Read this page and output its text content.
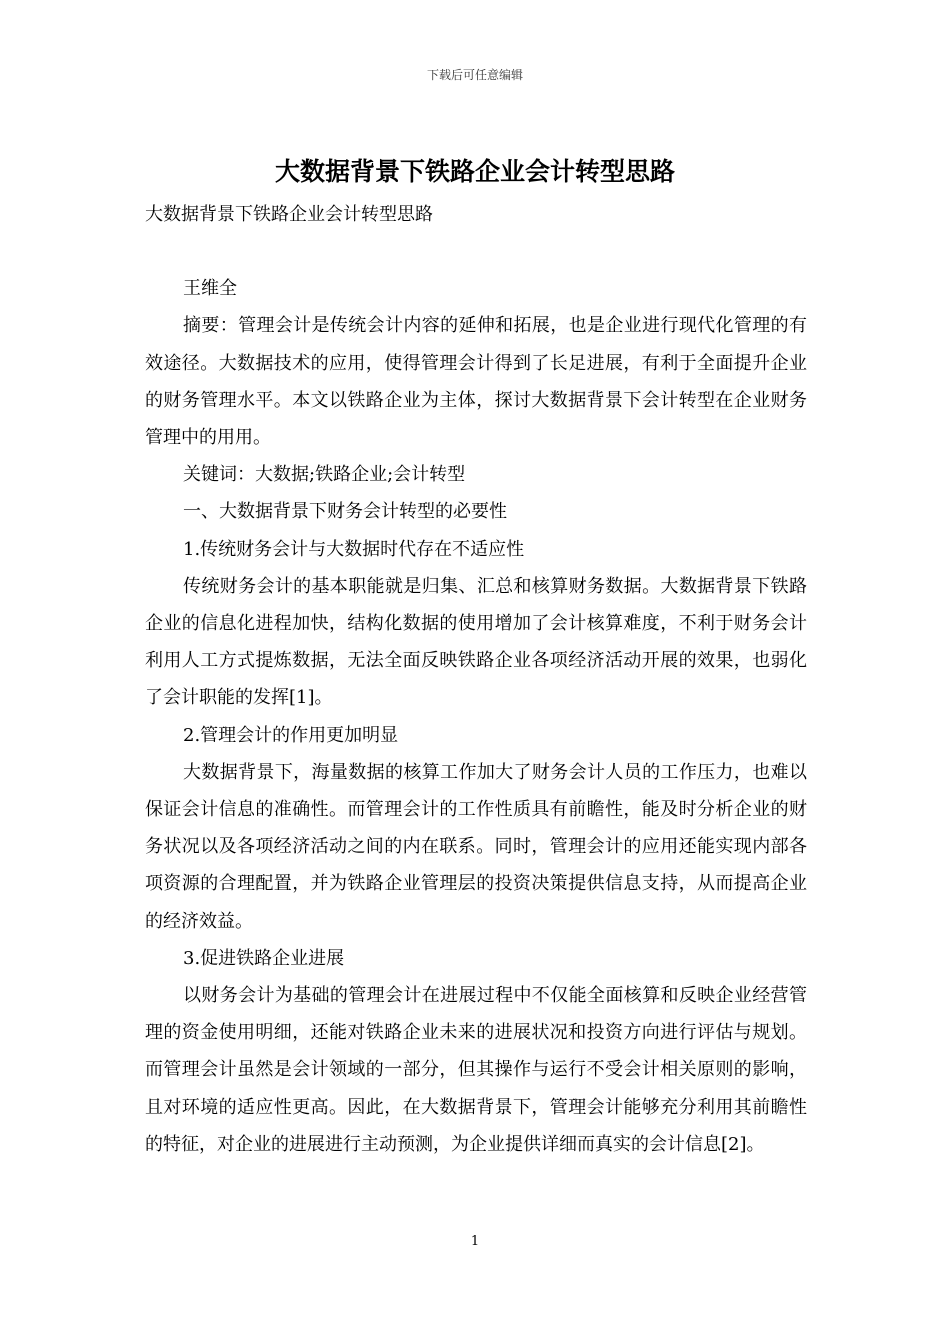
下载后可任意编辑
大数据背景下铁路企业会计转型思路

大数据背景下铁路企业会计转型思路

王维全

摘要：管理会计是传统会计内容的延伸和拓展，也是企业进行现代化管理的有效途径。大数据技术的应用，使得管理会计得到了长足进展，有利于全面提升企业的财务管理水平。本文以铁路企业为主体，探讨大数据背景下会计转型在企业财务管理中的用用。

关键词：大数据;铁路企业;会计转型

一、大数据背景下财务会计转型的必要性

1.传统财务会计与大数据时代存在不适应性

传统财务会计的基本职能就是归集、汇总和核算财务数据。大数据背景下铁路企业的信息化进程加快，结构化数据的使用增加了会计核算难度，不利于财务会计利用人工方式提炼数据，无法全面反映铁路企业各项经济活动开展的效果，也弱化了会计职能的发挥[1]。

2.管理会计的作用更加明显

大数据背景下，海量数据的核算工作加大了财务会计人员的工作压力，也难以保证会计信息的准确性。而管理会计的工作性质具有前瞻性，能及时分析企业的财务状况以及各项经济活动之间的内在联系。同时，管理会计的应用还能实现内部各项资源的合理配置，并为铁路企业管理层的投资决策提供信息支持，从而提高企业的经济效益。

3.促进铁路企业进展

以财务会计为基础的管理会计在进展过程中不仅能全面核算和反映企业经营管理的资金使用明细，还能对铁路企业未来的进展状况和投资方向进行评估与规划。而管理会计虽然是会计领域的一部分，但其操作与运行不受会计相关原则的影响，且对环境的适应性更高。因此，在大数据背景下，管理会计能够充分利用其前瞻性的特征，对企业的进展进行主动预测，为企业提供详细而真实的会计信息[2]。

1
